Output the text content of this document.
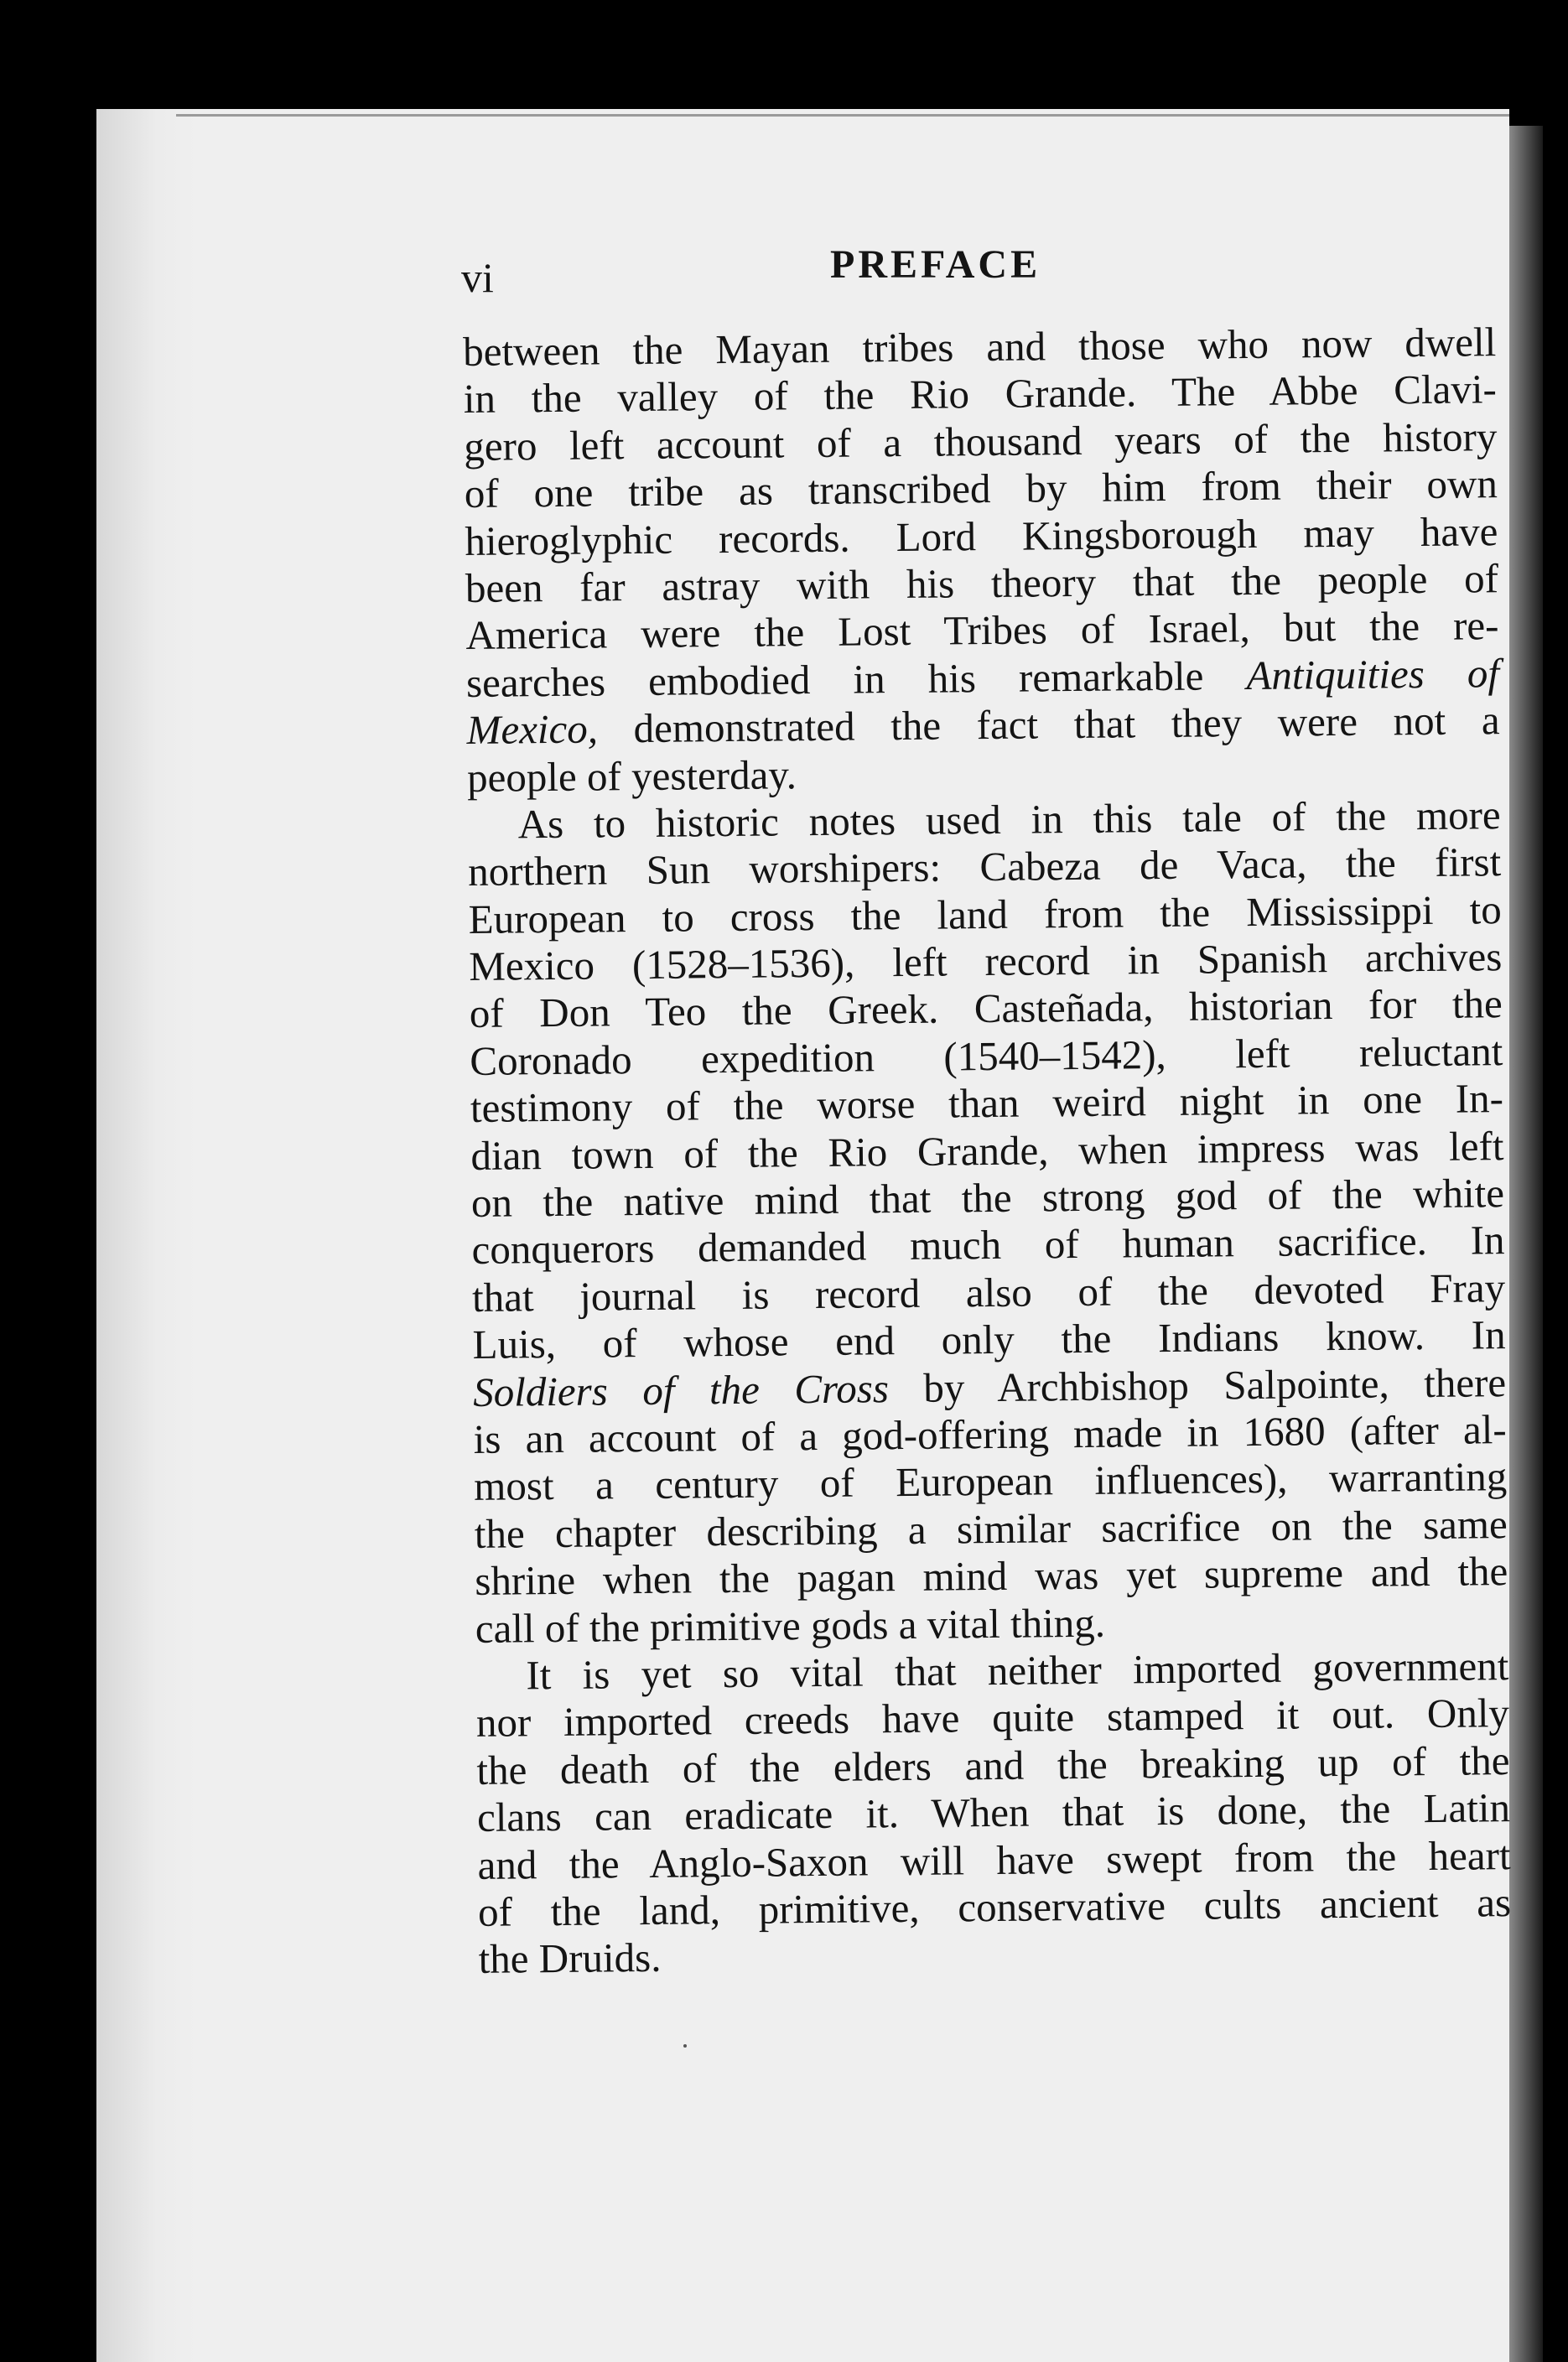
vi	PREFACE
between the Mayan tribes and those who now dwell
in the valley of the Rio Grande. The Abbe Clavi-
gero left account of a thousand years of the history
of one tribe as transcribed by him from their own
hieroglyphic records. Lord Kingsborough may have
been far astray with his theory that the people of
America were the Lost Tribes of Israel, but the re-
searches embodied in his remarkable Antiquities of
Mexico, demonstrated the fact that they were not a
people of yesterday.
As to historic notes used in this tale of the more
northern Sun worshipers: Cabeza de Vaca, the first
European to cross the land from the Mississippi to
Mexico (1528–1536), left record in Spanish archives
of Don Teo the Greek. Casteñada, historian for the
Coronado expedition (1540–1542), left reluctant
testimony of the worse than weird night in one In-
dian town of the Rio Grande, when impress was left
on the native mind that the strong god of the white
conquerors demanded much of human sacrifice. In
that journal is record also of the devoted Fray
Luis, of whose end only the Indians know. In
Soldiers of the Cross by Archbishop Salpointe, there
is an account of a god-offering made in 1680 (after al-
most a century of European influences), warranting
the chapter describing a similar sacrifice on the same
shrine when the pagan mind was yet supreme and the
call of the primitive gods a vital thing.
It is yet so vital that neither imported government
nor imported creeds have quite stamped it out. Only
the death of the elders and the breaking up of the
clans can eradicate it. When that is done, the Latin
and the Anglo-Saxon will have swept from the heart
of the land, primitive, conservative cults ancient as
the Druids.
